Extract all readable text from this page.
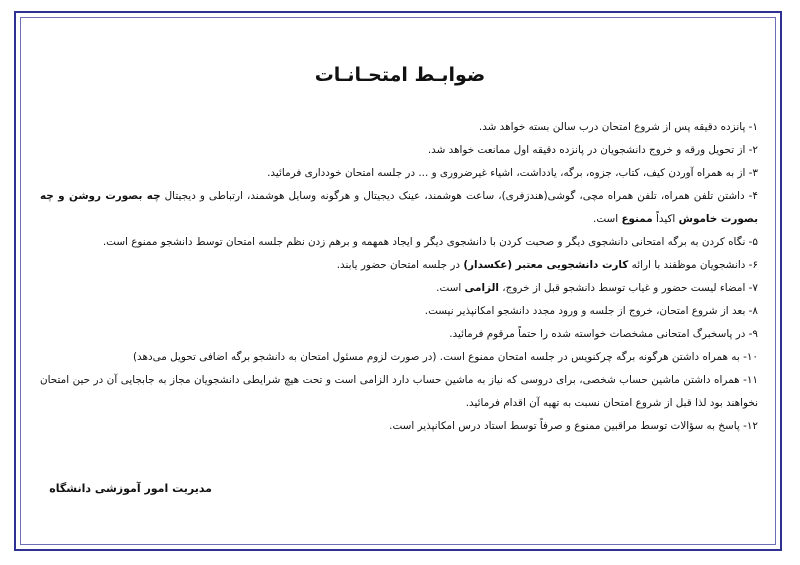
ضوابـط امتحـانـات

۱- پانزده دقیقه پس از شروع امتحان درب سالن بسته خواهد شد.

۲- از تحویل ورقه و خروج دانشجویان در پانزده دقیقه اول ممانعت خواهد شد.

۳- از به همراه آوردن کیف، کتاب، جزوه، برگه، یادداشت، اشیاء غیرضروری و ... در جلسه امتحان خودداری فرمائید.

۴- داشتن تلفن همراه، تلفن همراه مچی، گوشی(هندزفری)، ساعت هوشمند، عینک دیجیتال و هرگونه وسایل هوشمند، ارتباطی و دیجیتال چه بصورت روشن و چه بصورت خاموش اکیداً ممنوع است.

۵- نگاه کردن به برگه امتحانی دانشجوی دیگر و صحبت کردن با دانشجوی دیگر و ایجاد همهمه و برهم زدن نظم جلسه امتحان توسط دانشجو ممنوع است.

۶- دانشجویان موظفند با ارائه کارت دانشجویی معتبر (عکسدار) در جلسه امتحان حضور یابند.

۷- امضاء لیست حضور و غیاب توسط دانشجو قبل از خروج، الزامی است.

۸- بعد از شروع امتحان، خروج از جلسه و ورود مجدد دانشجو امکانپذیر نیست.

۹- در پاسخبرگ امتحانی مشخصات خواسته شده را حتماً مرقوم فرمائید.

۱۰- به همراه داشتن هرگونه برگه چرکنویس در جلسه امتحان ممنوع است. (در صورت لزوم مسئول امتحان به دانشجو برگه اضافی تحویل می‌دهد)

۱۱- همراه داشتن ماشین حساب شخصی، برای دروسی که نیاز به ماشین حساب دارد الزامی است و تحت هیچ شرایطی دانشجویان مجاز به جابجایی آن در حین امتحان نخواهند بود لذا قبل از شروع امتحان نسبت به تهیه آن اقدام فرمائید.

۱۲- پاسخ به سؤالات توسط مراقبین ممنوع و صرفاً توسط استاد درس امکانپذیر است.

مدیریت امور آموزشی دانشگاه
